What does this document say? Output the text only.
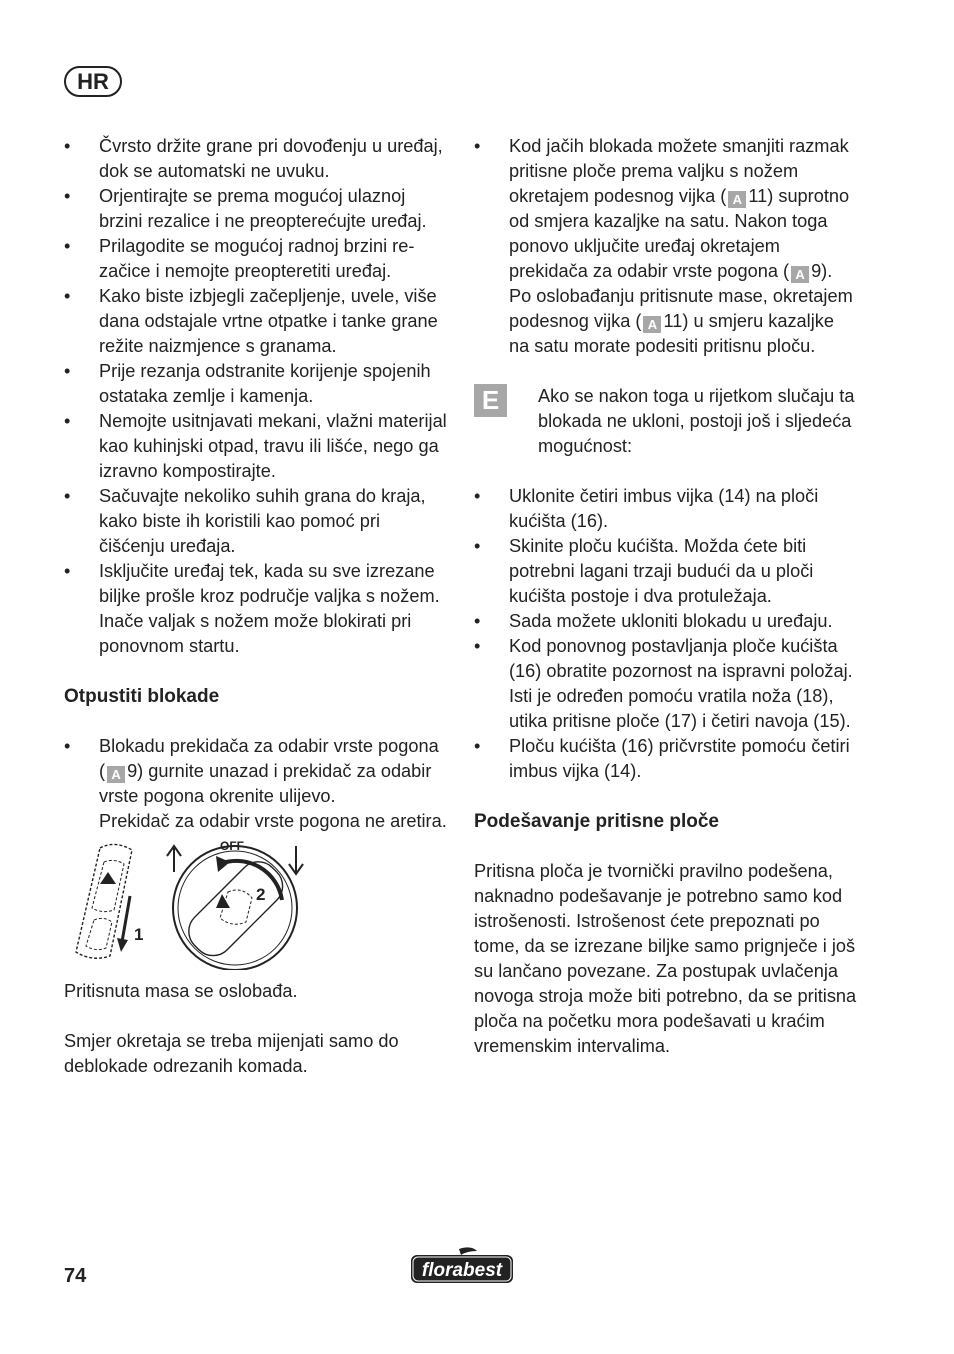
HR
• Čvrsto držite grane pri dovođenju u uređaj, dok se automatski ne uvuku.
• Orjentirajte se prema mogućoj ulaznoj brzini rezalice i ne preopterećujte uređaj.
• Prilagodite se mogućoj radnoj brzini rezačice i nemojte preopteretiti uređaj.
• Kako biste izbjegli začepljenje, uvele, više dana odstajale vrtne otpatke i tanke grane režite naizmjence s granama.
• Prije rezanja odstranite korijenje spojenih ostataka zemlje i kamenja.
• Nemojte usitnjavati mekani, vlažni materijal kao kuhinjski otpad, travu ili lišće, nego ga izravno kompostirajte.
• Sačuvajte nekoliko suhih grana do kraja, kako biste ih koristili kao pomoć pri čišćenju uređaja.
• Isključite uređaj tek, kada su sve izrezane biljke prošle kroz područje valjka s nožem. Inače valjak s nožem može blokirati pri ponovnom startu.
Otpustiti blokade
• Blokadu prekidača za odabir vrste pogona ( A 9) gurnite unazad i prekidač za odabir vrste pogona okrenite ulijevo.
Prekidač za odabir vrste pogona ne aretira.
1
2
OFF

Pritisnuta masa se oslobađa.

Smjer okretaja se treba mijenjati samo do deblokade odrezanih komada.

• Kod jačih blokada možete smanjiti razmak pritisne ploče prema valjku s nožem okretajem podesnog vijka ( A 11) suprotno od smjera kazaljke na satu. Nakon toga ponovo uključite uređaj okretajem prekidača za odabir vrste pogona ( A 9). Po oslobađanju pritisnute mase, okretajem podesnog vijka ( A 11) u smjeru kazaljke na satu morate podesiti pritisnu ploču.
E	Ako se nakon toga u rijetkom slučaju ta blokada ne ukloni, postoji još i sljedeća mogućnost:

• Uklonite četiri imbus vijka (14) na ploči kućišta (16).
• Skinite ploču kućišta. Možda ćete biti potrebni lagani trzaji budući da u ploči kućišta postoje i dva protuležaja.
• Sada možete ukloniti blokadu u uređaju.
• Kod ponovnog postavljanja ploče kućišta (16) obratite pozornost na ispravni položaj. Isti je određen pomoću vratila noža (18), utika pritisne ploče (17) i četiri navoja (15).
• Ploču kućišta (16) pričvrstite pomoću četiri imbus vijka (14).
Podešavanje pritisne ploče

Pritisna ploča je tvornički pravilno podešena, naknadno podešavanje je potrebno samo kod istrošenosti. Istrošenost ćete prepoznati po tome, da se izrezane biljke samo prignječe i još su lančano povezane. Za postupak uvlačenja novoga stroja može biti potrebno, da se pritisna ploča na početku mora podešavati u kraćim vremenskim intervalima.

74	florabest
